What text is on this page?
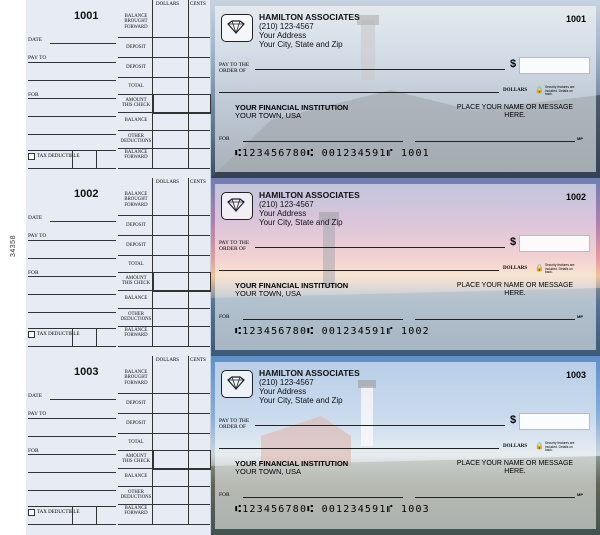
34358
1001
DATE
PAY TO
FOR
TAX DEDUCTIBLE
DOLLARS CENTS
BALANCE BROUGHT FORWARD
DEPOSIT
DEPOSIT
TOTAL
AMOUNT THIS CHECK
BALANCE
OTHER DEDUCTIONS
BALANCE FORWARD
HAMILTON ASSOCIATES
(210) 123-4567
Your Address
Your City, State and Zip
1001
PAY TO THE ORDER OF
$
DOLLARS 🔒 Security features are included. Details on back.
YOUR FINANCIAL INSTITUTION
YOUR TOWN, USA
PLACE YOUR NAME OR MESSAGE HERE.
FOR	MP
⑆123456780⑆ 001234591⑈ 1001
1002
DATE
PAY TO
FOR
TAX DEDUCTIBLE
DOLLARS CENTS
BALANCE BROUGHT FORWARD
DEPOSIT
DEPOSIT
TOTAL
AMOUNT THIS CHECK
BALANCE
OTHER DEDUCTIONS
BALANCE FORWARD
HAMILTON ASSOCIATES
(210) 123-4567
Your Address
Your City, State and Zip
1002
PAY TO THE ORDER OF
$
DOLLARS 🔒 Security features are included. Details on back.
YOUR FINANCIAL INSTITUTION
YOUR TOWN, USA
PLACE YOUR NAME OR MESSAGE HERE.
FOR	MP
⑆123456780⑆ 001234591⑈ 1002
1003
DATE
PAY TO
FOR
TAX DEDUCTIBLE
DOLLARS CENTS
BALANCE BROUGHT FORWARD
DEPOSIT
DEPOSIT
TOTAL
AMOUNT THIS CHECK
BALANCE
OTHER DEDUCTIONS
BALANCE FORWARD
HAMILTON ASSOCIATES
(210) 123-4567
Your Address
Your City, State and Zip
1003
PAY TO THE ORDER OF
$
DOLLARS 🔒 Security features are included. Details on back.
YOUR FINANCIAL INSTITUTION
YOUR TOWN, USA
PLACE YOUR NAME OR MESSAGE HERE.
FOR	MP
⑆123456780⑆ 001234591⑈ 1003
